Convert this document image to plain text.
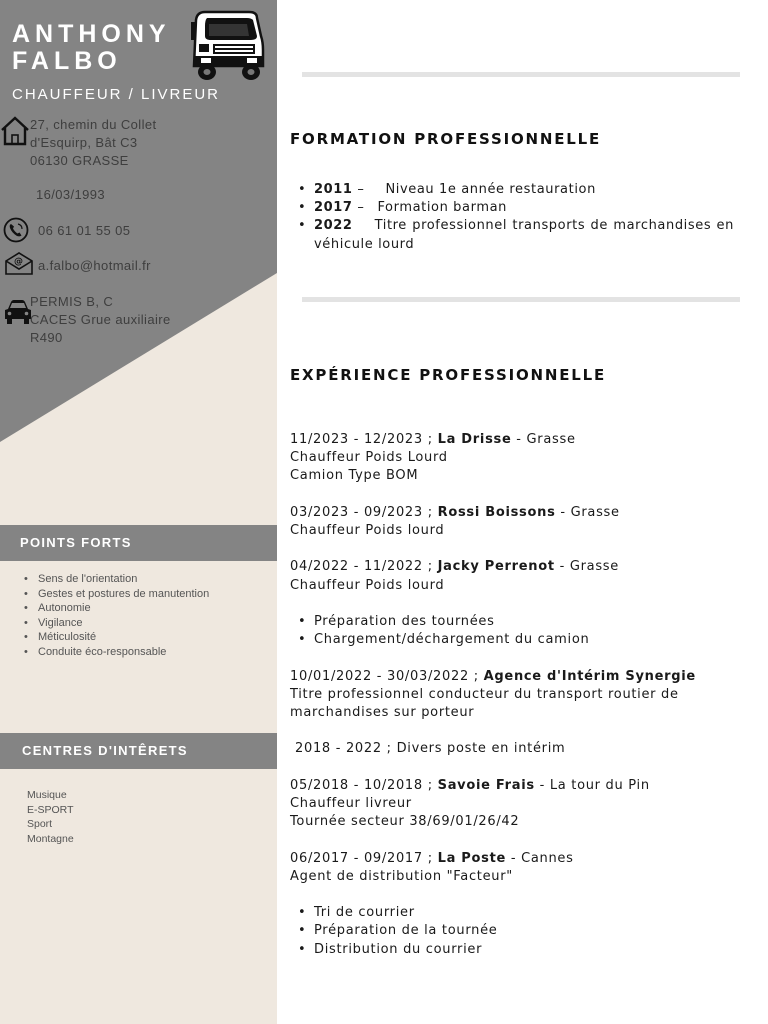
ANTHONY
FALBO
CHAUFFEUR / LIVREUR
@
27, chemin du Collet
d'Esquirp, Bât C3
06130 GRASSE
16/03/1993
06 61 01 55 05
a.falbo@hotmail.fr
PERMIS B, C
CACES Grue auxiliaire
R490
POINTS FORTS
• Sens de l'orientation
• Gestes et postures de manutention
• Autonomie
• Vigilance
• Méticulosité
• Conduite éco-responsable
CENTRES D'INTÊRETS
Musique
E-SPORT
Sport
Montagne
FORMATION PROFESSIONNELLE
• 2011 – Niveau 1e année restauration
• 2017 – Formation barman
• 2022 Titre professionnel transports de marchandises en véhicule lourd
EXPÉRIENCE PROFESSIONNELLE
11/2023 - 12/2023 ; La Drisse - Grasse
Chauffeur Poids Lourd
Camion Type BOM
03/2023 - 09/2023 ; Rossi Boissons - Grasse
Chauffeur Poids lourd
04/2022 - 11/2022 ; Jacky Perrenot - Grasse
Chauffeur Poids lourd
• Préparation des tournées
• Chargement/déchargement du camion
10/01/2022 - 30/03/2022 ; Agence d'Intérim Synergie
Titre professionnel conducteur du transport routier de
marchandises sur porteur
2018 - 2022 ; Divers poste en intérim
05/2018 - 10/2018 ; Savoie Frais - La tour du Pin
Chauffeur livreur
Tournée secteur 38/69/01/26/42
06/2017 - 09/2017 ; La Poste - Cannes
Agent de distribution "Facteur"
• Tri de courrier
• Préparation de la tournée
• Distribution du courrier
